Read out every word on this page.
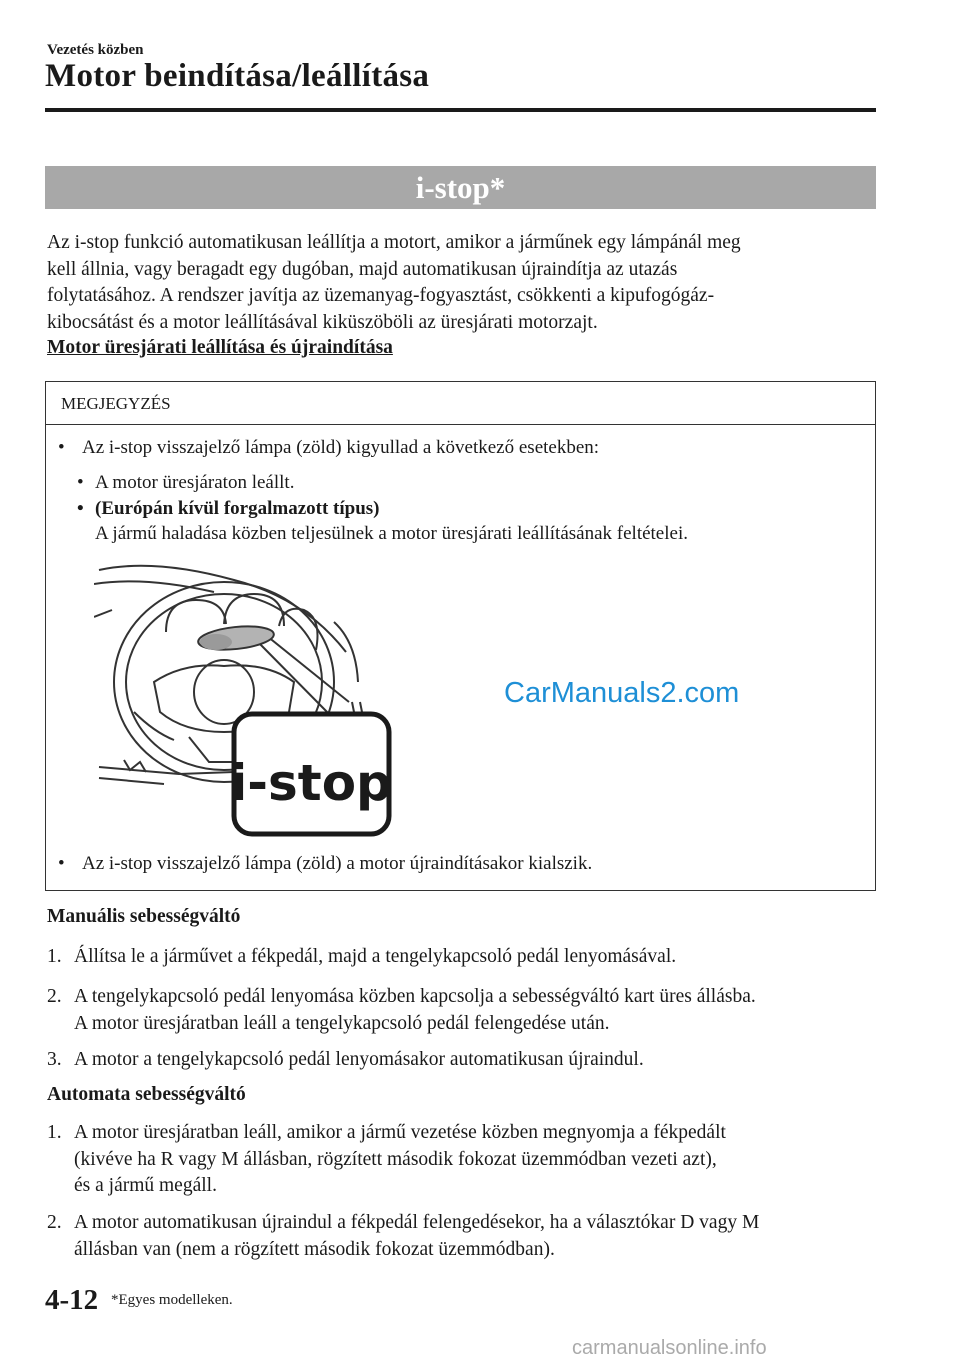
Vezetés közben
Motor beindítása/leállítása
i-stop*
Az i-stop funkció automatikusan leállítja a motort, amikor a járműnek egy lámpánál meg
kell állnia, vagy beragadt egy dugóban, majd automatikusan újraindítja az utazás
folytatásához. A rendszer javítja az üzemanyag-fogyasztást, csökkenti a kipufogógáz-
kibocsátást és a motor leállításával kiküszöböli az üresjárati motorzajt.
Motor üresjárati leállítása és újraindítása
MEGJEGYZÉS
• Az i-stop visszajelző lámpa (zöld) kigyullad a következő esetekben:
• A motor üresjáraton leállt.
• (Európán kívül forgalmazott típus)
A jármű haladása közben teljesülnek a motor üresjárati leállításának feltételei.
i-stop
CarManuals2.com
• Az i-stop visszajelző lámpa (zöld) a motor újraindításakor kialszik.
Manuális sebességváltó
1. Állítsa le a járművet a fékpedál, majd a tengelykapcsoló pedál lenyomásával.
2. A tengelykapcsoló pedál lenyomása közben kapcsolja a sebességváltó kart üres állásba.
A motor üresjáratban leáll a tengelykapcsoló pedál felengedése után.
3. A motor a tengelykapcsoló pedál lenyomásakor automatikusan újraindul.
Automata sebességváltó
1. A motor üresjáratban leáll, amikor a jármű vezetése közben megnyomja a fékpedált
(kivéve ha R vagy M állásban, rögzített második fokozat üzemmódban vezeti azt),
és a jármű megáll.
2. A motor automatikusan újraindul a fékpedál felengedésekor, ha a választókar D vagy M
állásban van (nem a rögzített második fokozat üzemmódban).
4-12 *Egyes modelleken.
carmanualsonline.info
